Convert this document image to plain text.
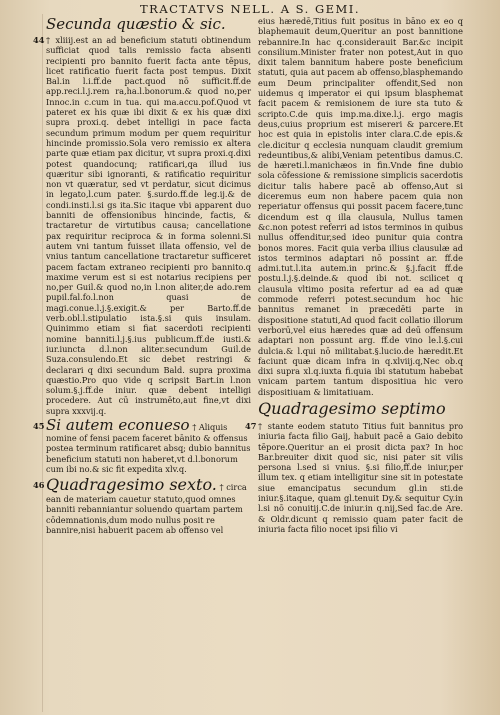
TRACTATVS NELL. A S. GEMI.
Secunda quæstio & sic.

44 † xliiij.est an ad beneficium statuti obtinendum sufficiat quod talis remissio facta absenti recipienti pro bannito fuerit facta ante tēpus, licet ratificatio fuerit facta post tempus. Dixit Bal.in l.i.ff.de pact.quod nō sufficit.ff.de app.reci.l.j.rem ra,ha.l.bonorum.& quod no,per Innoc.in c.cum in tua. qui ma.accu.pof.Quod vt pateret ex his quæ ibi dixit & ex his quæ dixi supra proxi.q. debet intelligi in pace facta secundum primum modum per quem requiritur hincinde promissio.Sola vero remissio ex altera parte quæ etiam pax dicitur, vt supra proxi.q.dixi potest quandocunq; ratificari,qa illud ius quæritur sibi ignoranti, & ratificatio requiritur non vt quæratur, sed vt perdatur, sicut dicimus in legato,l.cum pater. §.surdo.ff.de leg.ij.& de condi.insti.l.si gs ita.Sic itaque vbi apparent duo banniti de offensionibus hincinde, factis, & tractaretur de virtutibus causa; cancellatione pax requiritur reciproca & in forma solenni.Si autem vni tantum fuisset illata offensio, vel de vnius tantum cancellatione tractaretur sufficeret pacem factam extraneo recipienti pro bannito.q maxime verum est si est notarius recipiens per no,per Guil.& quod no,in l.non aliter,de ado.rem pupil.fal.fo.l.non quasi de magi.conue.l.j.§.exigit.& per Barto.ff.de verb.obl.l.stipulatio ista.§.si quis insulam. Quinimmo etiam si fiat sacerdoti recipienti nomine banniti.l.j.§.ius publicum.ff.de iusti.& iur.iuncta d.l.non aliter.secundum Guil.de Suza.consulendo.Et sic debet restringi & declarari q dixi secundum Bald. supra proxima quæstio.Pro quo vide q scripsit Bart.in l.non solum.§.j.ff.de iniur. quæ debent intelligi procedere. Aut cū instrumēto,aut fine,vt dixi supra xxxvij.q.

45 Si autem econueso † Aliquis nomine of fensi pacem faceret bānito & offensus postea terminum ratificaret absq; dubio bannitus beneficium statuti non haberet,vt d.l.bonorum cum ibi no.& sic fit expedita xlv.q.
46 Quadragesimo sexto. † circa ean de materiam cauetur statuto,quod omnes banniti rebanniantur soluendo quartam partem cōdemnationis,dum modo nullus posit re bannire,nisi habuerit pacem ab offenso vel

eius hæredē,Titius fuit positus in bāno ex eo q blaphemauit deum,Queritur an post bannitione rebannire.In hac q.considerauit Bar.&c incipit consilium.Minister frater non potest,Aut in quo dixit talem bannitum habere poste beneficium statuti, quia aut pacem ab offenso,blasphemando eum Deum principaliter offendit,Sed non uidemus q imperator ei qui ipsum blasphemat facit pacem & remisionem de iure sta tuto & scripto.C.de quis imp.ma.dixe.l.j. ergo magis deus,cuius proprium est misereri & parcere.Et hoc est quia in epistolis inter clara.C.de epis.& cle.dicitur q ecclesia nunquam claudit gremium redeuntibus,& alibi,Veniam petentibus damus.C. de hæreti.l.manichæos in fin.Vnde fine dubio sola cōfessione & remissione simplicis sacerdotis dicitur talis habere pacē ab offenso,Aut si diceremus eum non habere pacem quia non reperiatur offensus qui possit pacem facere,tunc dicendum est q illa clausula, Nullus tamen &c.non potest referri ad istos terminos in quibus nullus offenditur,sed ideo punitur quia contra bonos mores. Facit quia verba illius clausulæ ad istos terminos adaptari nō possint ar. ff.de admi.tut.l.ita autem.in princ.& §.j.facit ff.de postu.l.j.§.deinde.& quod ibi not. scilicet q clausula vltimo posita refertur ad ea ad quæ commode referri potest.secundum hoc hic bannitus remanet in præcedēti parte in dispositione statuti,Ad quod facit collatio illorum verborū,vel eius hæredes quæ ad deū offensum adaptari non possunt arg. ff.de vino le.l.§.cui dulcia.& l.qui nō militabat.§.lucio.de hæredit.Et faciunt quæ dicam infra in q.xlviij.q,Nec ob.q dixi supra xl.q.iuxta fi.quia ibi statutum habebat vnicam partem tantum dispositiua hic vero dispositiuam & limitatiuam.

Quadragesimo septimo

47 † stante eodem statuto Titius fuit bannitus pro iniuria facta filio Gaij, habuit pacē a Gaio debito tēpore.Queritur an ei prosit dicta pax? In hoc Bar.breuiter dixit quod sic, nisi pater sit vilis persona l.sed si vnius. §.si filio,ff.de iniur,per illum tex. q etiam intelligitur sine sit in potestate siue emancipatus secundum gl.in sti.de iniur.§.itaque, quam gl.tenuit Dy.& sequitur Cy.in l.si nō conuitij.C.de iniur.in q.nij,Sed fac.de Are. & Oldr.dicunt q remissio quam pater facit de iniuria facta filio nocet ipsi filio vi
